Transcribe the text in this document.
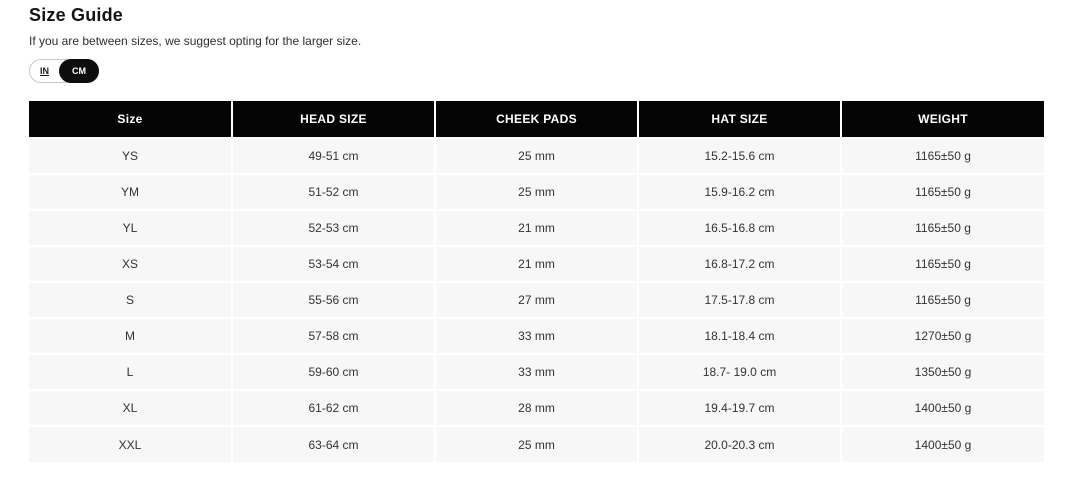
Size Guide

If you are between sizes, we suggest opting for the larger size.

IN	CM
Size	HEAD SIZE	CHEEK PADS	HAT SIZE	WEIGHT
YS	49-51 cm	25 mm	15.2-15.6 cm	1165±50 g
YM	51-52 cm	25 mm	15.9-16.2 cm	1165±50 g
YL	52-53 cm	21 mm	16.5-16.8 cm	1165±50 g
XS	53-54 cm	21 mm	16.8-17.2 cm	1165±50 g
S	55-56 cm	27 mm	17.5-17.8 cm	1165±50 g
M	57-58 cm	33 mm	18.1-18.4 cm	1270±50 g
L	59-60 cm	33 mm	18.7- 19.0 cm	1350±50 g
XL	61-62 cm	28 mm	19.4-19.7 cm	1400±50 g
XXL	63-64 cm	25 mm	20.0-20.3 cm	1400±50 g
